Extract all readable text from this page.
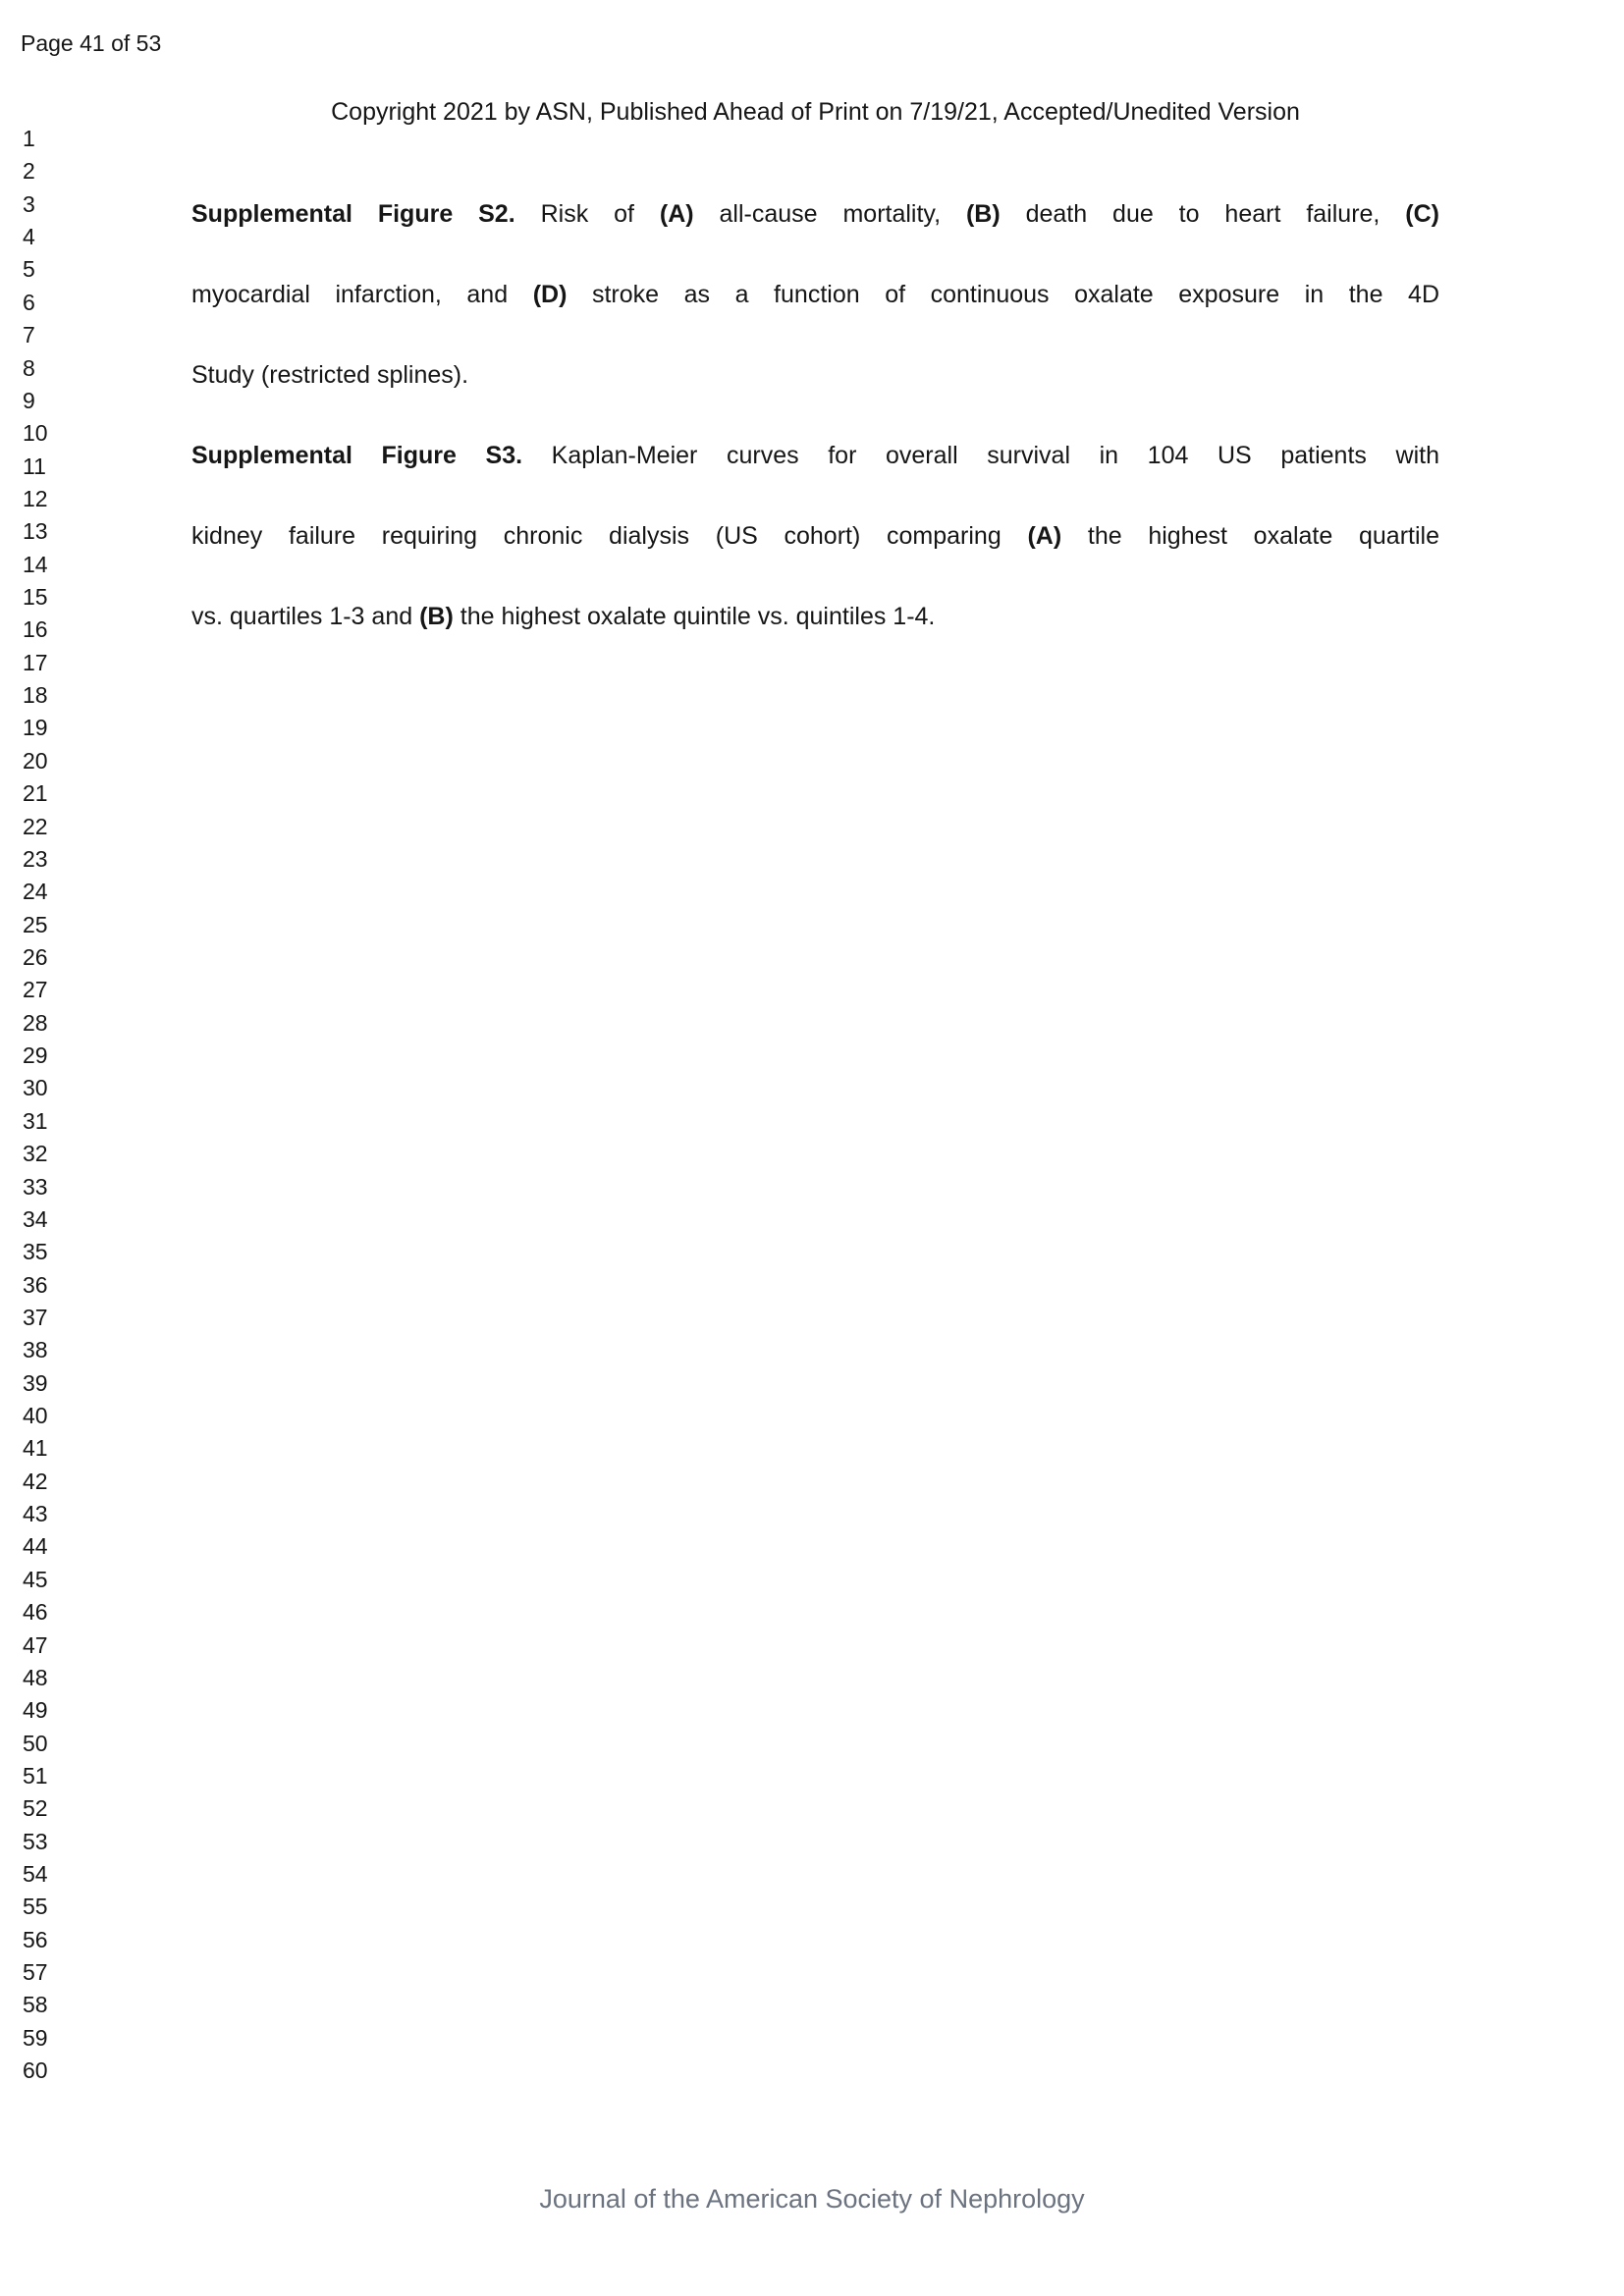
Page 41 of 53
Copyright 2021 by ASN, Published Ahead of Print on 7/19/21, Accepted/Unedited Version
1
2
3
4
5
6
7
8
9
10
11
12
13
14
15
16
17
18
19
20
21
22
23
24
25
26
27
28
29
30
31
32
33
34
35
36
37
38
39
40
41
42
43
44
45
46
47
48
49
50
51
52
53
54
55
56
57
58
59
60
Supplemental Figure S2. Risk of (A) all-cause mortality, (B) death due to heart failure, (C)
myocardial infarction, and (D) stroke as a function of continuous oxalate exposure in the 4D
Study (restricted splines).
Supplemental Figure S3. Kaplan-Meier curves for overall survival in 104 US patients with
kidney failure requiring chronic dialysis (US cohort) comparing (A) the highest oxalate quartile
vs. quartiles 1-3 and (B) the highest oxalate quintile vs. quintiles 1-4.
Journal of the American Society of Nephrology
